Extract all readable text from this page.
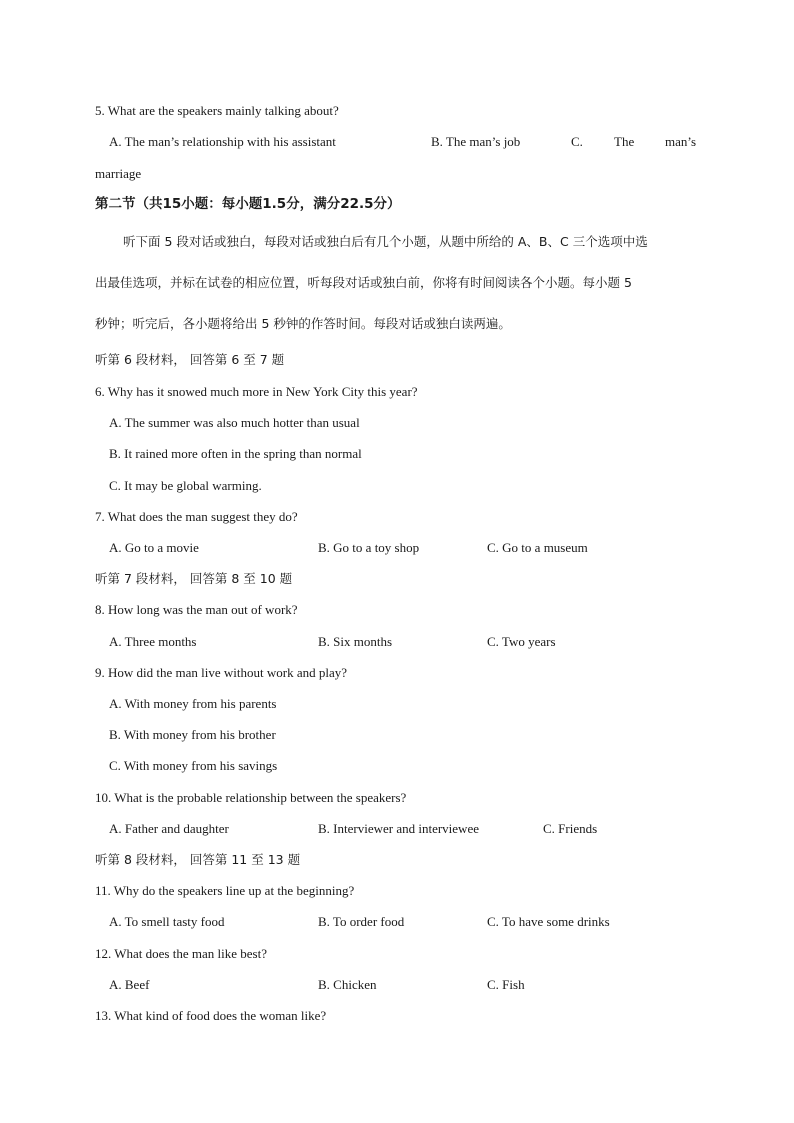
5. What are the speakers mainly talking about?
A. The man’s relationship with his assistant	B. The man’s job	C. The man’s
marriage
第二节（共15小题：每小题1.5分，满分22.5分）
听下面 5 段对话或独白，每段对话或独白后有几个小题，从题中所给的 A、B、C 三个选项中选
出最佳选项，并标在试卷的相应位置，听每段对话或独白前，你将有时间阅读各个小题。每小题 5
秒钟；听完后，各小题将给出 5 秒钟的作答时间。每段对话或独白读两遍。
听第 6 段材料， 回答第 6 至 7 题
6. Why has it snowed much more in New York City this year?
A. The summer was also much hotter than usual
B. It rained more often in the spring than normal
C. It may be global warming.
7. What does the man suggest they do?
A. Go to a movie	B. Go to a toy shop	C. Go to a museum
听第 7 段材料， 回答第 8 至 10 题
8. How long was the man out of work?
A. Three months	B. Six months	C. Two years
9. How did the man live without work and play?
A. With money from his parents
B. With money from his brother
C. With money from his savings
10. What is the probable relationship between the speakers?
A. Father and daughter	B. Interviewer and interviewee	C. Friends
听第 8 段材料， 回答第 11 至 13 题
11. Why do the speakers line up at the beginning?
A. To smell tasty food	B. To order food	C. To have some drinks
12. What does the man like best?
A. Beef	B. Chicken	C. Fish
13. What kind of food does the woman like?
